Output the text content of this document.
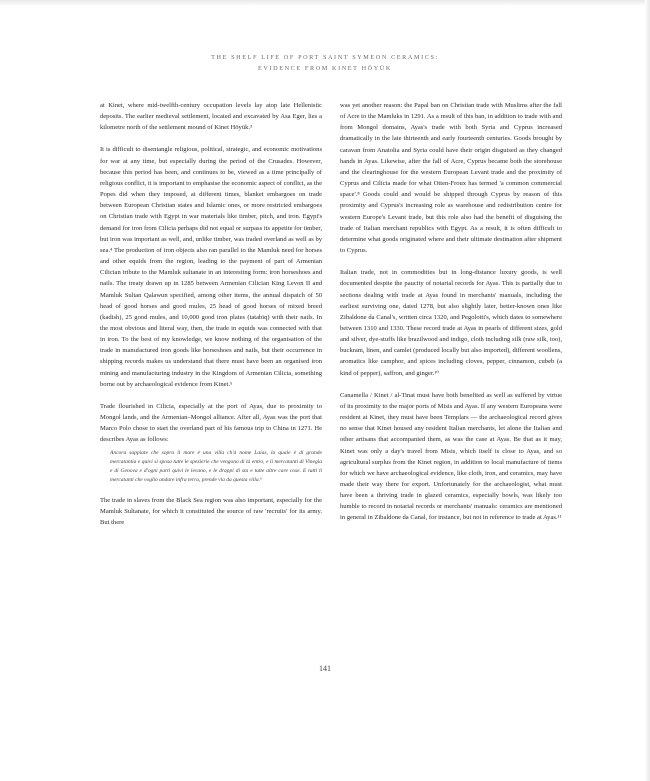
THE SHELF LIFE OF PORT SAINT SYMEON CERAMICS:
EVIDENCE FROM KINET HÖYÜK

at Kinet, where mid-twelfth-century occupation levels lay atop late Hellenistic deposits. The earlier medieval settlement, located and excavated by Asa Eger, lies a kilometre north of the settlement mound of Kinet Höyük.³

It is difficult to disentangle religious, political, strategic, and economic motivations for war at any time, but especially during the period of the Crusades. However, because this period has been, and continues to be, viewed as a time principally of religious conflict, it is important to emphasise the economic aspect of conflict, as the Popes did when they imposed, at different times, blanket embargoes on trade between European Christian states and Islamic ones, or more restricted embargoes on Christian trade with Egypt in war materials like timber, pitch, and iron. Egypt's demand for iron from Cilicia perhaps did not equal or surpass its appetite for timber, but iron was important as well, and, unlike timber, was traded overland as well as by sea.⁴ The production of iron objects also ran parallel to the Mamluk need for horses and other equids from the region, leading to the payment of part of Armenian Cilician tribute to the Mamluk sultanate in an interesting form: iron horseshoes and nails. The treaty drawn up in 1285 between Armenian Cilician King Levon II and Mamluk Sultan Qalawun specified, among other items, the annual dispatch of 50 head of good horses and good mules, 25 head of good horses of mixed breed (kadish), 25 good mules, and 10,000 good iron plates (tatabiq) with their nails. In the most obvious and literal way, then, the trade in equids was connected with that in iron. To the best of my knowledge, we know nothing of the organisation of the trade in manufactured iron goods like horseshoes and nails, but their occurrence in shipping records makes us understand that there must have been an organised iron mining and manufacturing industry in the Kingdom of Armenian Cilicia, something borne out by archaeological evidence from Kinet.⁵

Trade flourished in Cilicia, especially at the port of Ayas, due to proximity to Mongol lands, and the Armenian–Mongol alliance. After all, Ayas was the port that Marco Polo chose to start the overland part of his famous trip to China in 1271. He describes Ayas as follows:

Ancora sappiate che sopra il mare è una villa ch'à nome Laias, la quale è di grande mercatantia e quivi si sposa tutte le spezierie che vengono di là entro, e li mercatanti di Vinegia e di Genova e d'ogni parti quivi le levano, e le drappi di sta e tutte altre care cose. E tutti li mercatanti che voglio andare infra terra, prende via da questa villa.⁶

The trade in slaves from the Black Sea region was also important, especially for the Mamluk Sultanate, for which it constituted the source of raw 'recruits' for its army. But there

was yet another reason: the Papal ban on Christian trade with Muslims after the fall of Acre to the Mamluks in 1291. As a result of this ban, in addition to trade with and from Mongol domains, Ayas's trade with both Syria and Cyprus increased dramatically in the late thirteenth and early fourteenth centuries. Goods brought by caravan from Anatolia and Syria could have their origin disguised as they changed hands in Ayas. Likewise, after the fall of Acre, Cyprus became both the storehouse and the clearinghouse for the western European Levant trade and the proximity of Cyprus and Cilicia made for what Otten-Froux has termed 'a common commercial space'.⁸ Goods could and would be shipped through Cyprus by reason of this proximity and Cyprus's increasing role as warehouse and redistribution centre for western Europe's Levant trade, but this role also had the benefit of disguising the trade of Italian merchant republics with Egypt. As a result, it is often difficult to determine what goods originated where and their ultimate destination after shipment to Cyprus.

Italian trade, not in commodities but in long-distance luxury goods, is well documented despite the paucity of notarial records for Ayas. This is partially due to sections dealing with trade at Ayas found in merchants' manuals, including the earliest surviving one, dated 1278, but also slightly later, better-known ones like Zibaldone da Canal's, written circa 1320, and Pegolotti's, which dates to somewhere between 1310 and 1330. These record trade at Ayas in pearls of different sizes, gold and silver, dye-stuffs like brazilwood and indigo, cloth including silk (raw silk, too), buckram, linen, and camlet (produced locally but also imported), different woollens, aromatics like camphor, and spices including cloves, pepper, cinnamon, cubeb (a kind of pepper), saffron, and ginger.¹⁰

Canamella / Kinet / al-Tinat must have both benefited as well as suffered by virtue of its proximity to the major ports of Misis and Ayas. If any western Europeans were resident at Kinet, they must have been Templars — the archaeological record gives no sense that Kinet housed any resident Italian merchants, let alone the Italian and other artisans that accompanied them, as was the case at Ayas. Be that as it may, Kinet was only a day's travel from Misis, which itself is close to Ayas, and so agricultural surplus from the Kinet region, in addition to local manufacture of items for which we have archaeological evidence, like cloth, iron, and ceramics, may have made their way there for export. Unfortunately for the archaeologist, what must have been a thriving trade in glazed ceramics, especially bowls, was likely too humble to record in notarial records or merchants' manuals: ceramics are mentioned in general in Zibaldone da Canal, for instance, but not in reference to trade at Ayas.¹¹

141
